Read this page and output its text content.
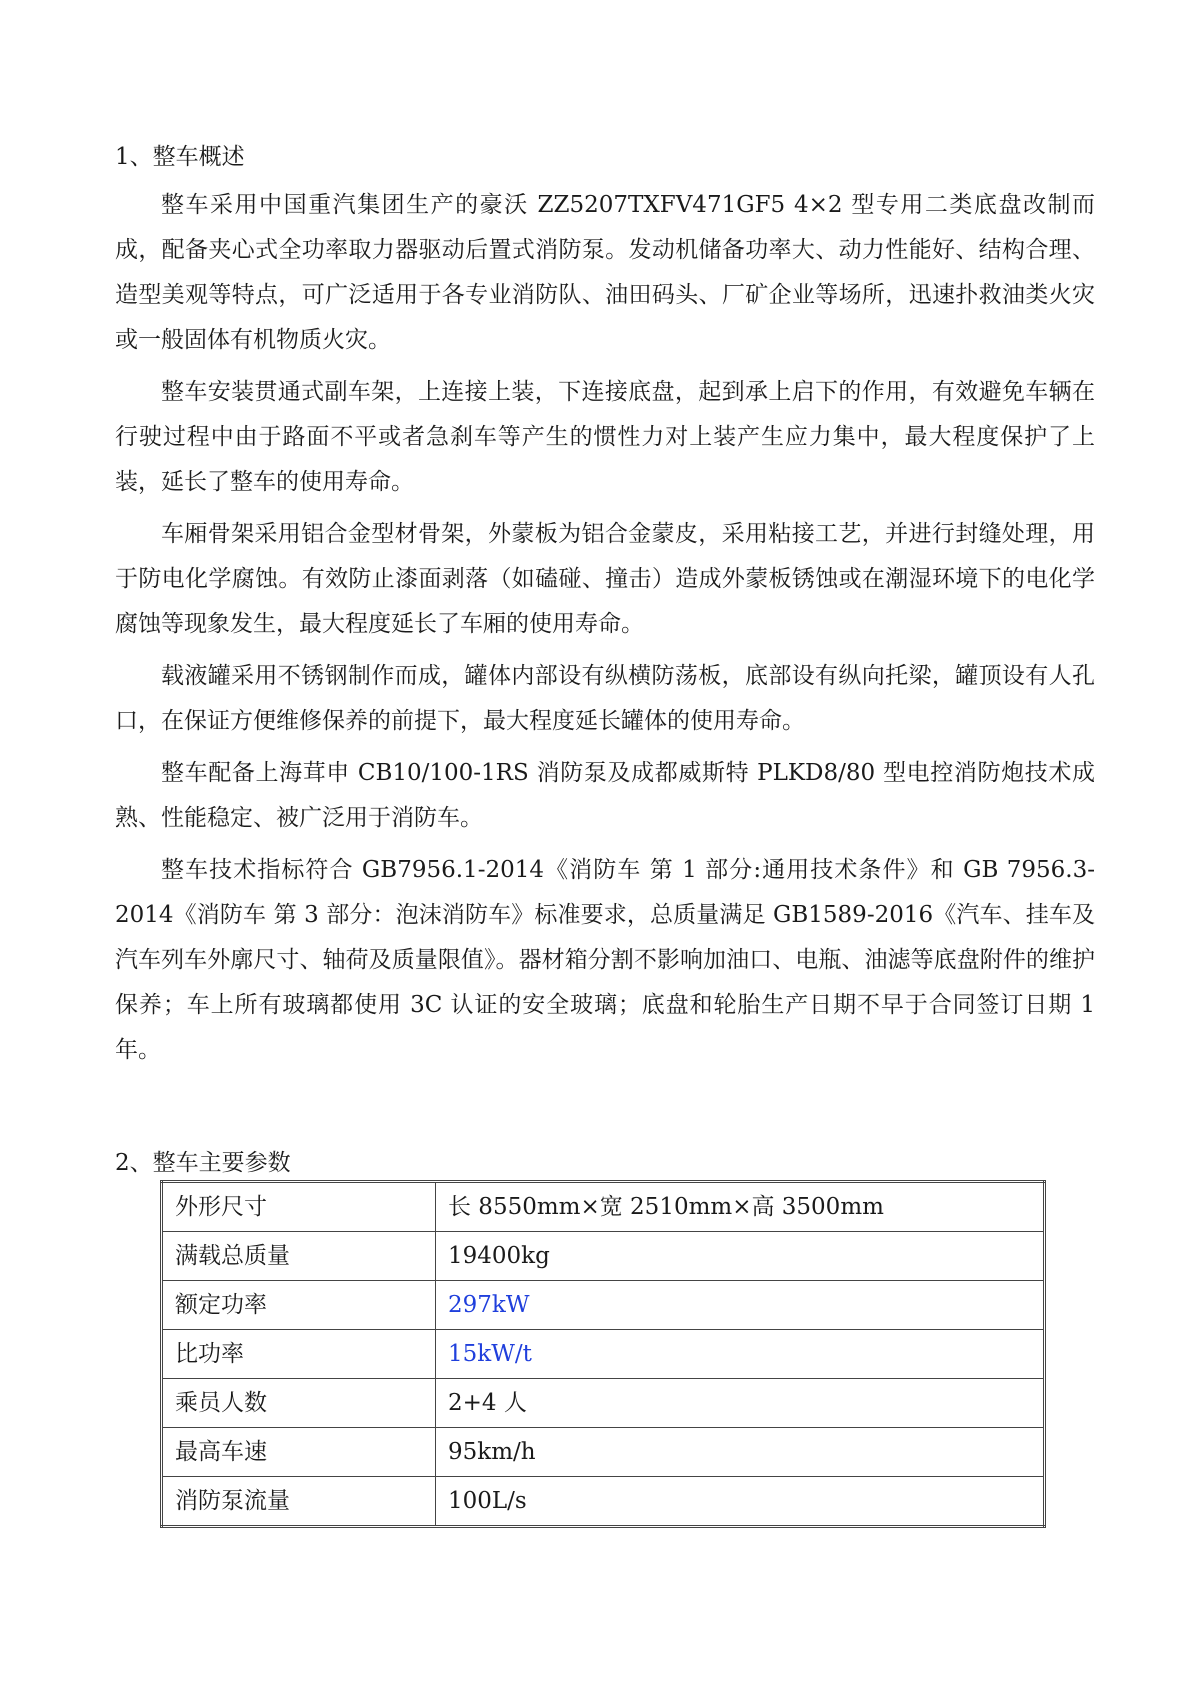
1、整车概述

整车采用中国重汽集团生产的豪沃 ZZ5207TXFV471GF5 4×2 型专用二类底盘改制而成，配备夹心式全功率取力器驱动后置式消防泵。发动机储备功率大、动力性能好、结构合理、造型美观等特点，可广泛适用于各专业消防队、油田码头、厂矿企业等场所，迅速扑救油类火灾或一般固体有机物质火灾。

整车安装贯通式副车架，上连接上装，下连接底盘，起到承上启下的作用，有效避免车辆在行驶过程中由于路面不平或者急刹车等产生的惯性力对上装产生应力集中，最大程度保护了上装，延长了整车的使用寿命。

车厢骨架采用铝合金型材骨架，外蒙板为铝合金蒙皮，采用粘接工艺，并进行封缝处理，用于防电化学腐蚀。有效防止漆面剥落（如磕碰、撞击）造成外蒙板锈蚀或在潮湿环境下的电化学腐蚀等现象发生，最大程度延长了车厢的使用寿命。

载液罐采用不锈钢制作而成，罐体内部设有纵横防荡板，底部设有纵向托梁，罐顶设有人孔口，在保证方便维修保养的前提下，最大程度延长罐体的使用寿命。

整车配备上海茸申 CB10/100-1RS 消防泵及成都威斯特 PLKD8/80 型电控消防炮技术成熟、性能稳定、被广泛用于消防车。

整车技术指标符合 GB7956.1-2014《消防车 第 1 部分:通用技术条件》和 GB 7956.3-2014《消防车 第 3 部分：泡沫消防车》标准要求，总质量满足 GB1589-2016《汽车、挂车及汽车列车外廓尺寸、轴荷及质量限值》。器材箱分割不影响加油口、电瓶、油滤等底盘附件的维护保养；车上所有玻璃都使用 3C 认证的安全玻璃；底盘和轮胎生产日期不早于合同签订日期 1 年。

2、整车主要参数
外形尺寸	长 8550mm×宽 2510mm×高 3500mm
满载总质量	19400kg
额定功率	297kW
比功率	15kW/t
乘员人数	2+4 人
最高车速	95km/h
消防泵流量	100L/s
